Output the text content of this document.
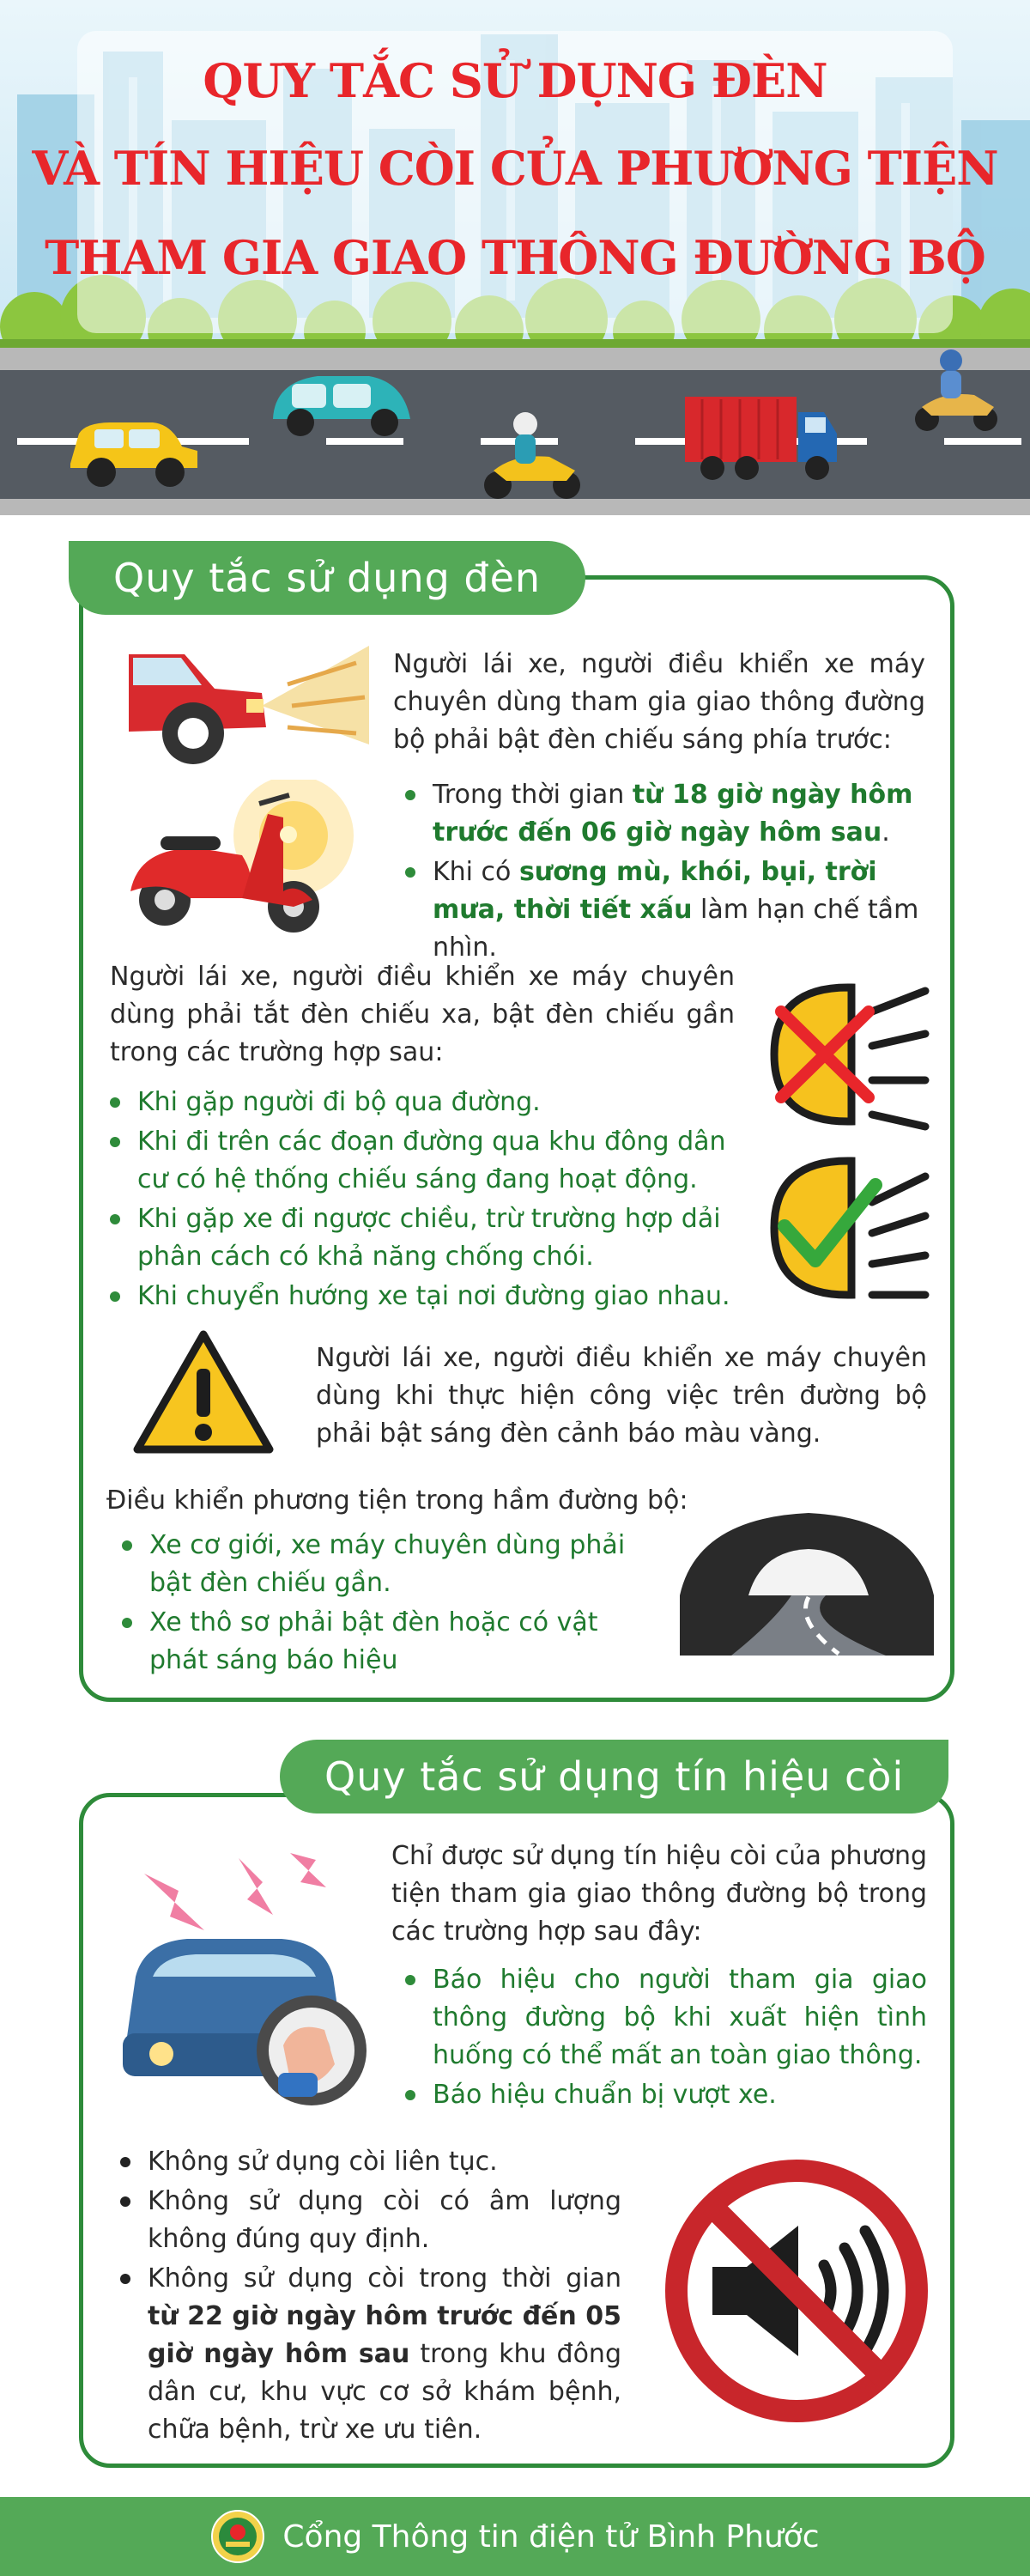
QUY TẮC SỬ DỤNG ĐÈN
VÀ TÍN HIỆU CÒI CỦA PHƯƠNG TIỆN
THAM GIA GIAO THÔNG ĐƯỜNG BỘ
Quy tắc sử dụng đèn
Người lái xe, người điều khiển xe máy chuyên dùng tham gia giao thông đường bộ phải bật đèn chiếu sáng phía trước:
Trong thời gian từ 18 giờ ngày hôm trước đến 06 giờ ngày hôm sau.
Khi có sương mù, khói, bụi, trời mưa, thời tiết xấu làm hạn chế tầm nhìn.
Người lái xe, người điều khiển xe máy chuyên dùng phải tắt đèn chiếu xa, bật đèn chiếu gần trong các trường hợp sau:
Khi gặp người đi bộ qua đường.
Khi đi trên các đoạn đường qua khu đông dân cư có hệ thống chiếu sáng đang hoạt động.
Khi gặp xe đi ngược chiều, trừ trường hợp dải phân cách có khả năng chống chói.
Khi chuyển hướng xe tại nơi đường giao nhau.
Người lái xe, người điều khiển xe máy chuyên dùng khi thực hiện công việc trên đường bộ phải bật sáng đèn cảnh báo màu vàng.
Điều khiển phương tiện trong hầm đường bộ:
Xe cơ giới, xe máy chuyên dùng phải bật đèn chiếu gần.
Xe thô sơ phải bật đèn hoặc có vật phát sáng báo hiệu
Quy tắc sử dụng tín hiệu còi
Chỉ được sử dụng tín hiệu còi của phương tiện tham gia giao thông đường bộ trong các trường hợp sau đây:
Báo hiệu cho người tham gia giao thông đường bộ khi xuất hiện tình huống có thể mất an toàn giao thông.
Báo hiệu chuẩn bị vượt xe.
Không sử dụng còi liên tục.
Không sử dụng còi có âm lượng không đúng quy định.
Không sử dụng còi trong thời gian từ 22 giờ ngày hôm trước đến 05 giờ ngày hôm sau trong khu đông dân cư, khu vực cơ sở khám bệnh, chữa bệnh, trừ xe ưu tiên.
Cổng Thông tin điện tử Bình Phước
